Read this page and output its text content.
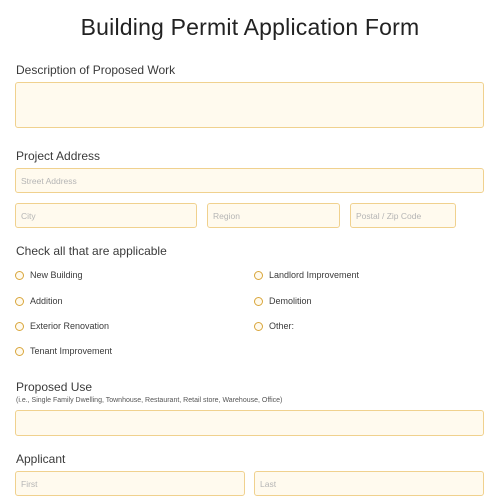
Building Permit Application Form
Description of Proposed Work
Project Address
Street Address
City
Region
Postal / Zip Code
Check all that are applicable
New Building
Addition
Exterior Renovation
Tenant Improvement
Landlord Improvement
Demolition
Other:
Proposed Use
(i.e., Single Family Dwelling, Townhouse, Restaurant, Retail store, Warehouse, Office)
Applicant
First
Last
